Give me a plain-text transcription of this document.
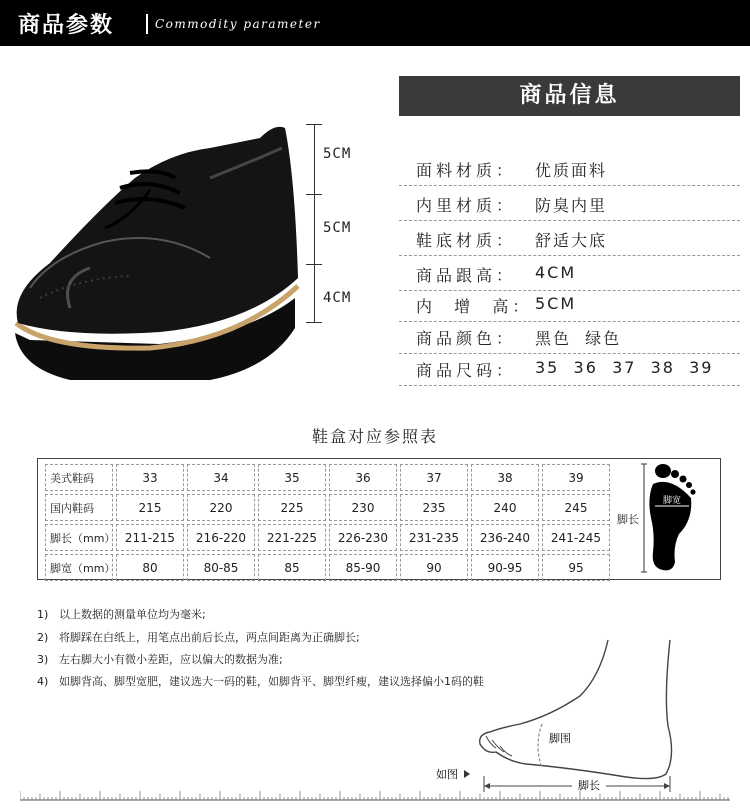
商品参数	Commodity parameter
5CM
5CM
4CM
商品信息
面料材质： 优质面料
内里材质： 防臭内里
鞋底材质： 舒适大底
商品跟高： 4CM
内  增  高： 5CM
商品颜色： 黑色  绿色
商品尺码： 35  36  37  38  39
鞋盒对应参照表
美式鞋码	33	34	35	36	37	38	39
国内鞋码	215	220	225	230	235	240	245
脚长（mm）	211-215	216-220	221-225	226-230	231-235	236-240	241-245
脚宽（mm）	80	80-85	85	85-90	90	90-95	95
脚长
脚宽
1) 以上数据的测量单位均为毫米;
2) 将脚踩在白纸上，用笔点出前后长点，两点间距离为正确脚长;
3) 左右脚大小有微小差距，应以偏大的数据为准;
4) 如脚背高、脚型宽肥，建议选大一码的鞋，如脚背平、脚型纤瘦，建议选择偏小1码的鞋
脚长
脚围
如图
